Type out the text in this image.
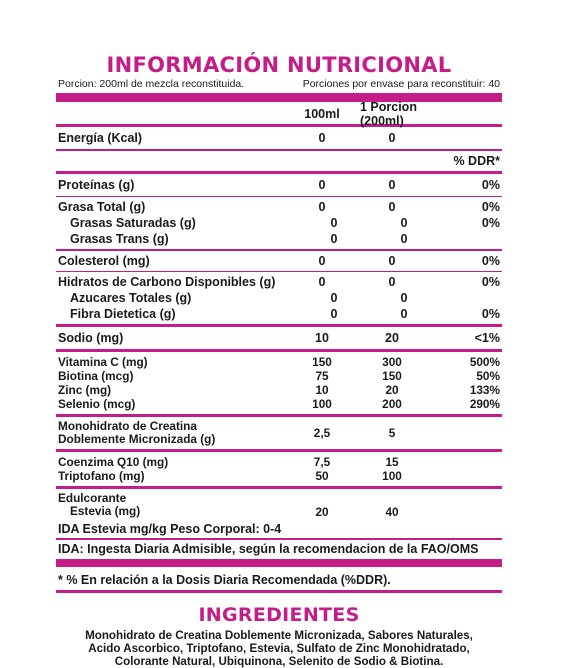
INFORMACIÓN NUTRICIONAL
Porcion: 200ml de mezcla reconstituida.	Porciones por envase para reconstituir: 40
100ml	1 Porcion (200ml)
Energía (Kcal)	0	0
% DDR*
Proteínas (g)	0	0	0%
Grasa Total (g)	0	0	0%
Grasas Saturadas (g)	0	0	0%
Grasas Trans (g)	0	0
Colesterol (mg)	0	0	0%
Hidratos de Carbono Disponibles (g)	0	0	0%
Azucares Totales (g)	0	0
Fibra Dietetica (g)	0	0	0%
Sodio (mg)	10	20	<1%
Vitamina C (mg)	150	300	500%
Biotina (mcg)	75	150	50%
Zinc (mg)	10	20	133%
Selenio (mcg)	100	200	290%
Monohidrato de Creatina
Doblemente Micronizada (g)	2,5	5
Coenzima Q10 (mg)	7,5	15
Triptofano (mg)	50	100
Edulcorante
Estevia (mg)	20	40
IDA Estevia mg/kg Peso Corporal: 0-4
IDA: Ingesta Diaria Admisible, según la recomendacion de la FAO/OMS
* % En relación a la Dosis Diaria Recomendada (%DDR).
INGREDIENTES
Monohidrato de Creatina Doblemente Micronizada, Sabores Naturales,
Acido Ascorbico, Triptofano, Estevia, Sulfato de Zinc Monohidratado,
Colorante Natural, Ubiquinona, Selenito de Sodio & Biotina.
